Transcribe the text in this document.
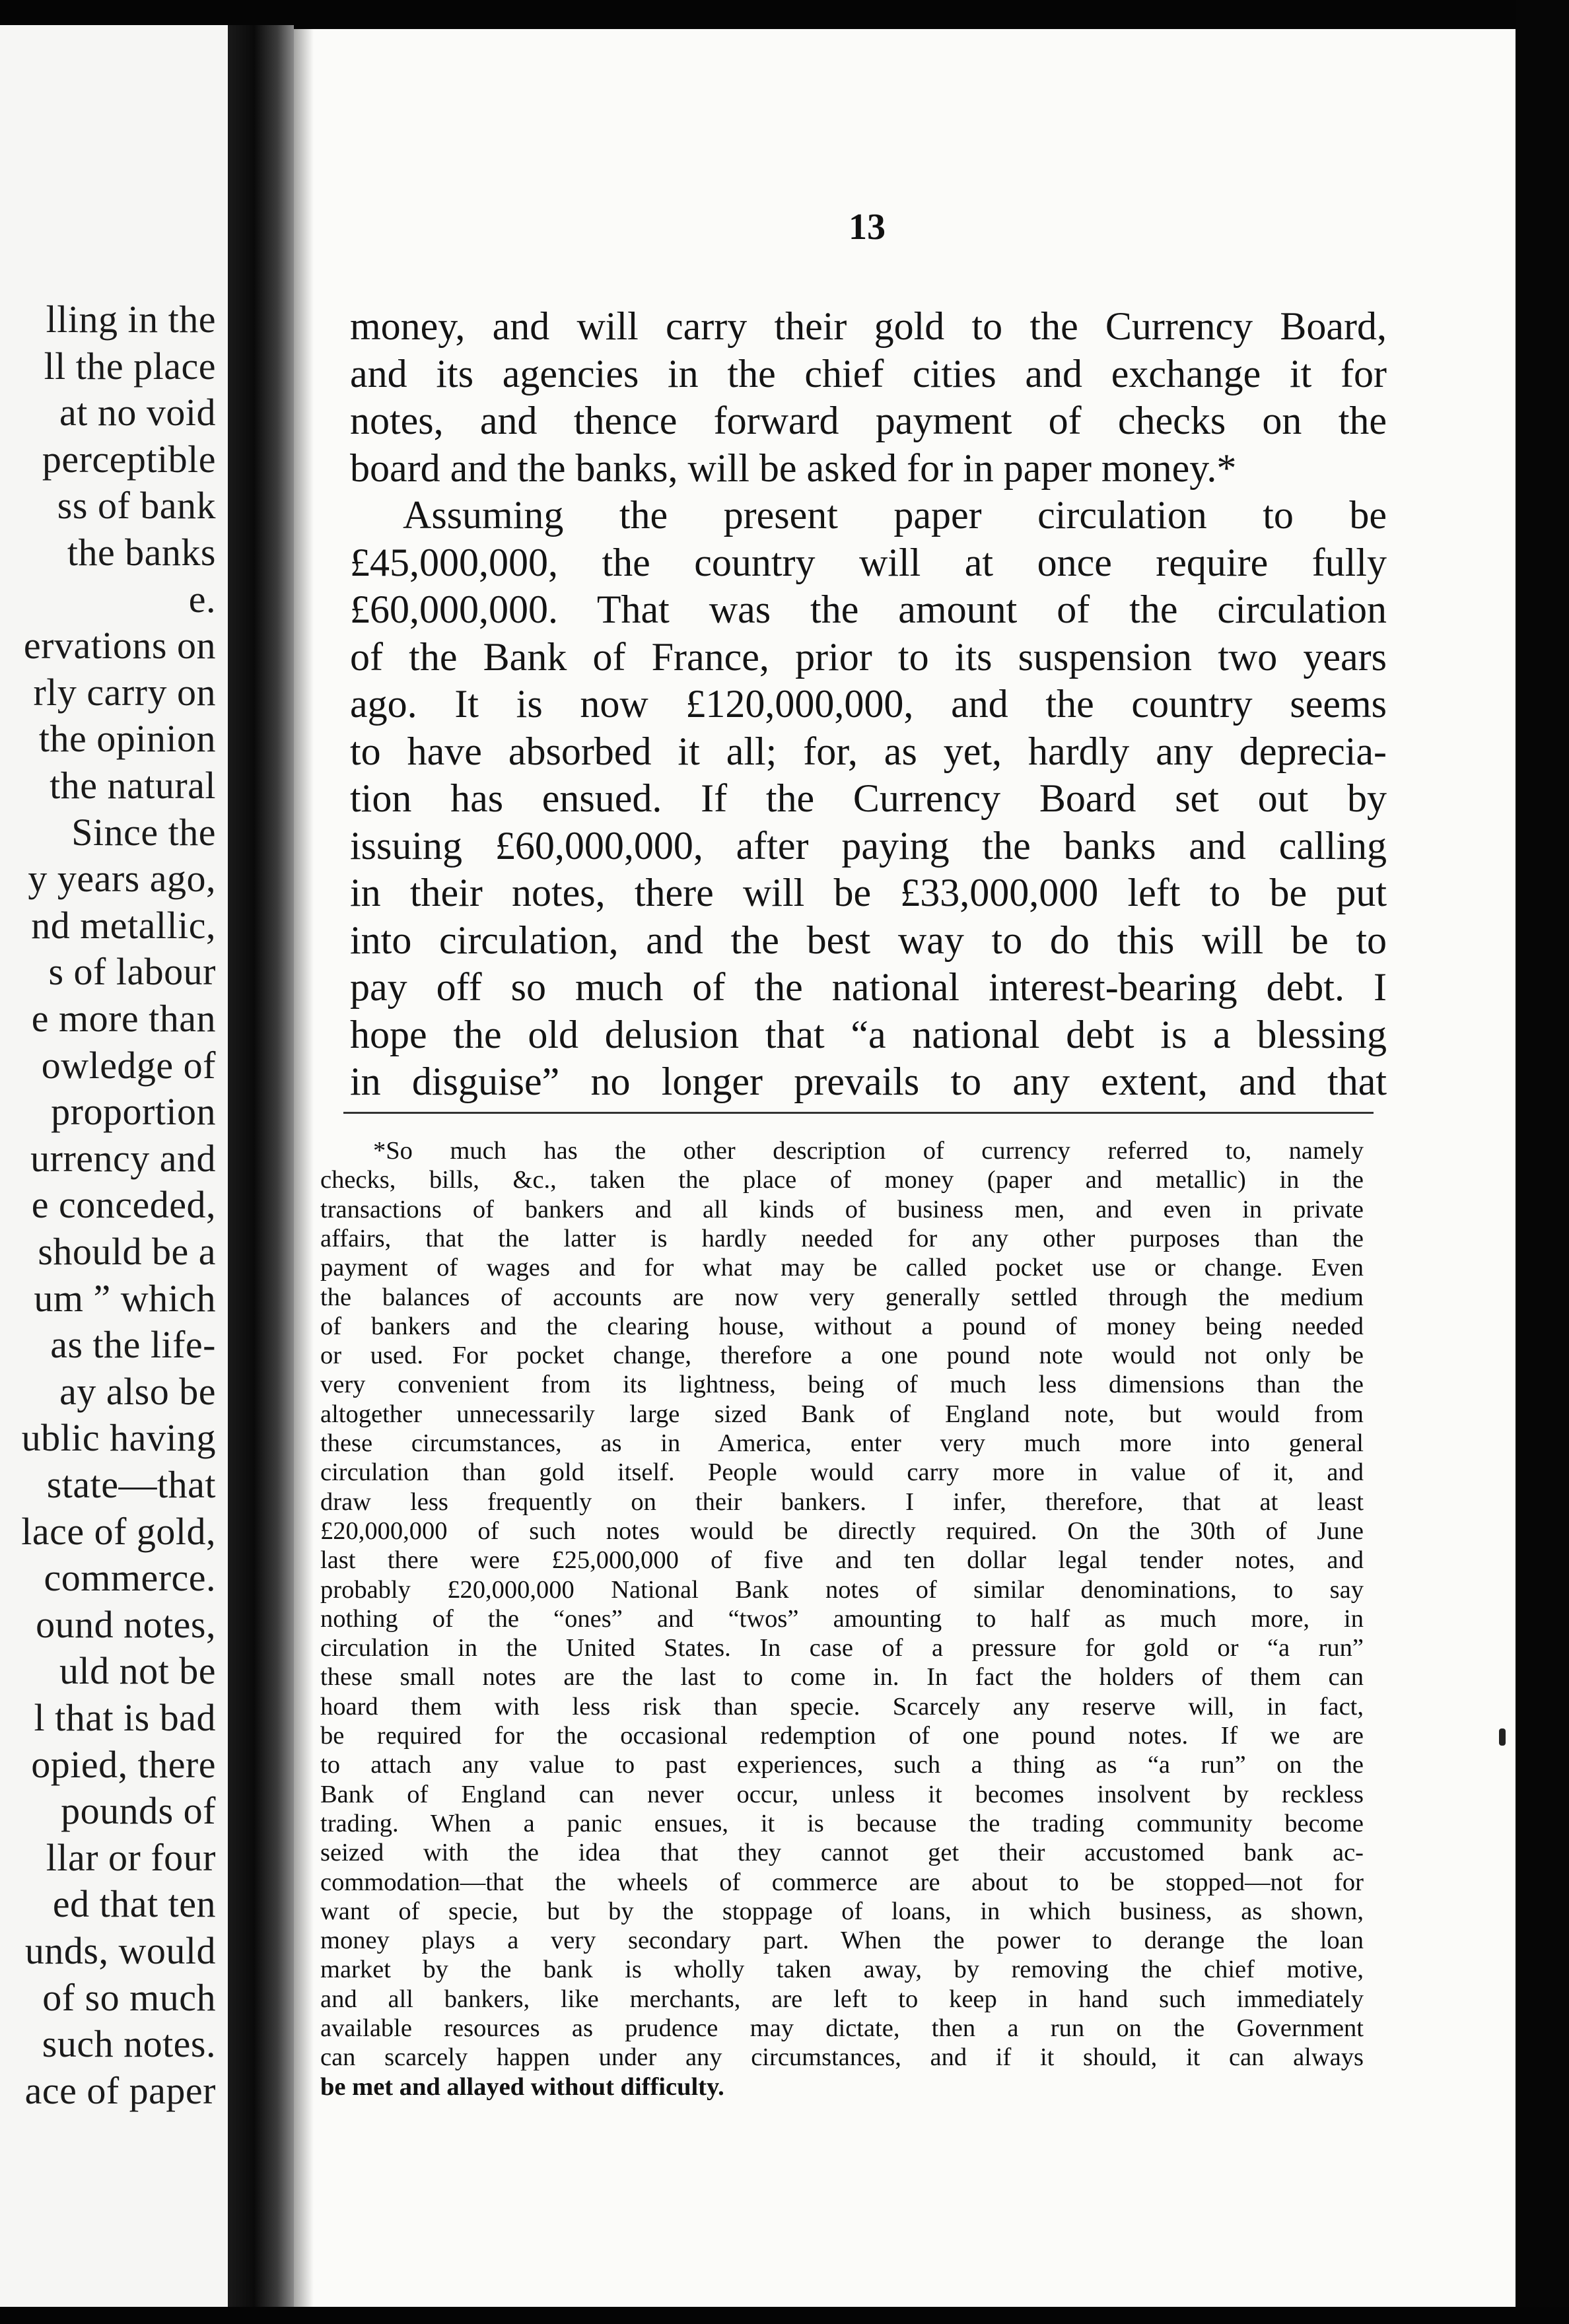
lling in the
ll the place
at no void
perceptible
ss of bank
the banks
e.
ervations on
rly carry on
the opinion
the natural
Since the
y years ago,
nd metallic,
s of labour
e more than
owledge of
proportion
urrency and
e conceded,
should be a
um ” which
as the life-
ay also be
ublic having
state—that
lace of gold,
commerce.
ound notes,
uld not be
l that is bad
opied, there
pounds of
llar or four
ed that ten
unds, would
of so much
such notes.
ace of paper
13
money, and will carry their gold to the Currency Board,
and its agencies in the chief cities and exchange it for
notes, and thence forward payment of checks on the
board and the banks, will be asked for in paper money.*
Assuming the present paper circulation to be
£45,000,000, the country will at once require fully
£60,000,000. That was the amount of the circulation
of the Bank of France, prior to its suspension two years
ago. It is now £120,000,000, and the country seems
to have absorbed it all; for, as yet, hardly any deprecia-
tion has ensued. If the Currency Board set out by
issuing £60,000,000, after paying the banks and calling
in their notes, there will be £33,000,000 left to be put
into circulation, and the best way to do this will be to
pay off so much of the national interest-bearing debt. I
hope the old delusion that “a national debt is a blessing
in disguise” no longer prevails to any extent, and that
*So much has the other description of currency referred to, namely
checks, bills, &c., taken the place of money (paper and metallic) in the
transactions of bankers and all kinds of business men, and even in private
affairs, that the latter is hardly needed for any other purposes than the
payment of wages and for what may be called pocket use or change. Even
the balances of accounts are now very generally settled through the medium
of bankers and the clearing house, without a pound of money being needed
or used. For pocket change, therefore a one pound note would not only be
very convenient from its lightness, being of much less dimensions than the
altogether unnecessarily large sized Bank of England note, but would from
these circumstances, as in America, enter very much more into general
circulation than gold itself. People would carry more in value of it, and
draw less frequently on their bankers. I infer, therefore, that at least
£20,000,000 of such notes would be directly required. On the 30th of June
last there were £25,000,000 of five and ten dollar legal tender notes, and
probably £20,000,000 National Bank notes of similar denominations, to say
nothing of the “ones” and “twos” amounting to half as much more, in
circulation in the United States. In case of a pressure for gold or “a run”
these small notes are the last to come in. In fact the holders of them can
hoard them with less risk than specie. Scarcely any reserve will, in fact,
be required for the occasional redemption of one pound notes. If we are
to attach any value to past experiences, such a thing as “a run” on the
Bank of England can never occur, unless it becomes insolvent by reckless
trading. When a panic ensues, it is because the trading community become
seized with the idea that they cannot get their accustomed bank ac-
commodation—that the wheels of commerce are about to be stopped—not for
want of specie, but by the stoppage of loans, in which business, as shown,
money plays a very secondary part. When the power to derange the loan
market by the bank is wholly taken away, by removing the chief motive,
and all bankers, like merchants, are left to keep in hand such immediately
available resources as prudence may dictate, then a run on the Government
can scarcely happen under any circumstances, and if it should, it can always
be met and allayed without difficulty.
